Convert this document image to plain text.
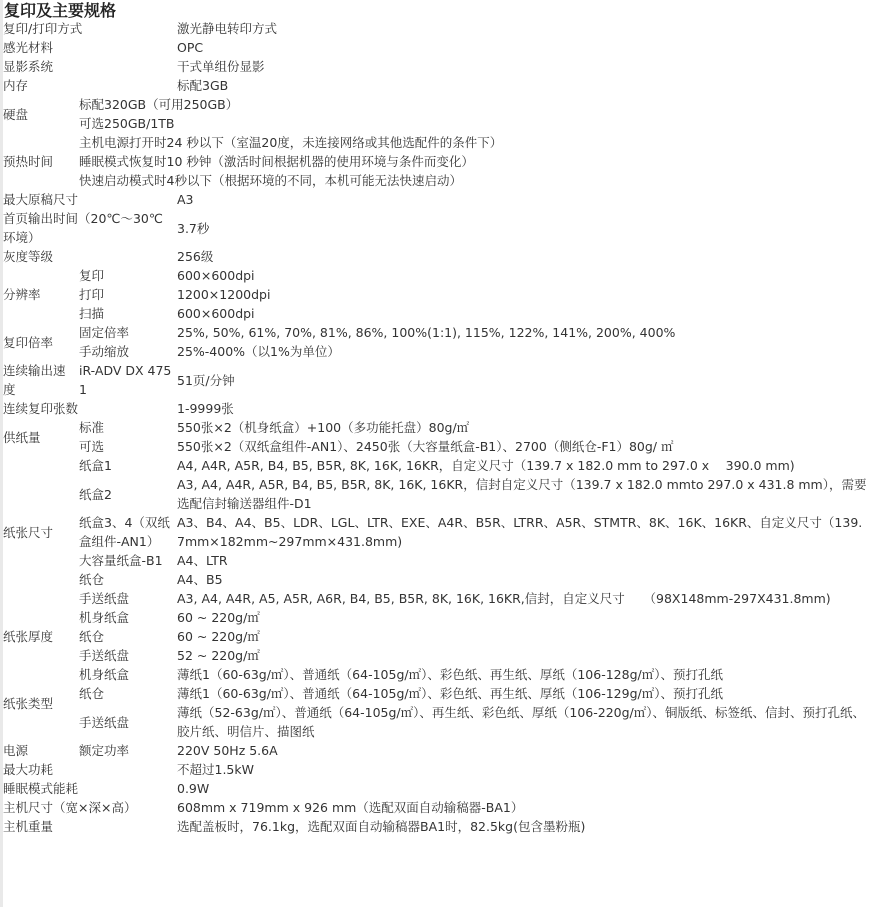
复印及主要规格
复印/打印方式		激光静电转印方式
感光材料		OPC
显影系统		干式单组份显影
内存		标配3GB
硬盘	标配320GB（可用250GB）	
	可选250GB/1TB	
预热时间	主机电源打开时24 秒以下（室温20度，未连接网络或其他选配件的条件下）	
	睡眠模式恢复时10 秒钟（激活时间根据机器的使用环境与条件而变化）	
	快速启动模式时4秒以下（根据环境的不同，本机可能无法快速启动）	
最大原稿尺寸		A3
首页输出时间（20℃～30℃环境）		3.7秒
灰度等级		256级
分辨率	复印	600×600dpi
	打印	1200×1200dpi
	扫描	600×600dpi
复印倍率	固定倍率	25%, 50%, 61%, 70%, 81%, 86%, 100%(1:1), 115%, 122%, 141%, 200%, 400%
	手动缩放	25%-400%（以1%为单位）
连续输出速度	iR-ADV DX 4751	51页/分钟
连续复印张数		1-9999张
供纸量	标准	550张×2（机身纸盒）+100（多功能托盘）80g/㎡
	可选	550张×2（双纸盒组件-AN1）、2450张（大容量纸盒-B1）、2700（侧纸仓-F1）80g/ ㎡
纸张尺寸	纸盒1	A4, A4R, A5R, B4, B5, B5R, 8K, 16K, 16KR，自定义尺寸（139.7 x 182.0 mm to 297.0 x 　390.0 mm)
	纸盒2	A3, A4, A4R, A5R, B4, B5, B5R, 8K, 16K, 16KR，信封自定义尺寸（139.7 x 182.0 mmto 297.0 x 431.8 mm），需要选配信封输送器组件-D1
	纸盒3、4（双纸盒组件-AN1）	A3、B4、A4、B5、LDR、LGL、LTR、EXE、A4R、B5R、LTRR、A5R、STMTR、8K、16K、16KR、自定义尺寸（139.7mm×182mm~297mm×431.8mm)
	大容量纸盒-B1	A4、LTR
	纸仓	A4、B5
	手送纸盘	A3, A4, A4R, A5, A5R, A6R, B4, B5, B5R, 8K, 16K, 16KR,信封，自定义尺寸　　（98X148mm-297X431.8mm)
纸张厚度	机身纸盒	60 ~ 220g/㎡
	纸仓	60 ~ 220g/㎡
	手送纸盘	52 ~ 220g/㎡
纸张类型	机身纸盒	薄纸1（60-63g/㎡）、普通纸（64-105g/㎡）、彩色纸、再生纸、厚纸（106-128g/㎡）、预打孔纸
	纸仓	薄纸1（60-63g/㎡）、普通纸（64-105g/㎡）、彩色纸、再生纸、厚纸（106-129g/㎡）、预打孔纸
	手送纸盘	薄纸（52-63g/㎡）、普通纸（64-105g/㎡）、再生纸、彩色纸、厚纸（106-220g/㎡）、铜版纸、标签纸、信封、预打孔纸、胶片纸、明信片、描图纸
电源	额定功率	220V 50Hz 5.6A
最大功耗		不超过1.5kW
睡眠模式能耗		0.9W
主机尺寸（宽×深×高）		608mm x 719mm x 926 mm（选配双面自动输稿器-BA1）
主机重量		选配盖板时，76.1kg，选配双面自动输稿器BA1时，82.5kg(包含墨粉瓶)
